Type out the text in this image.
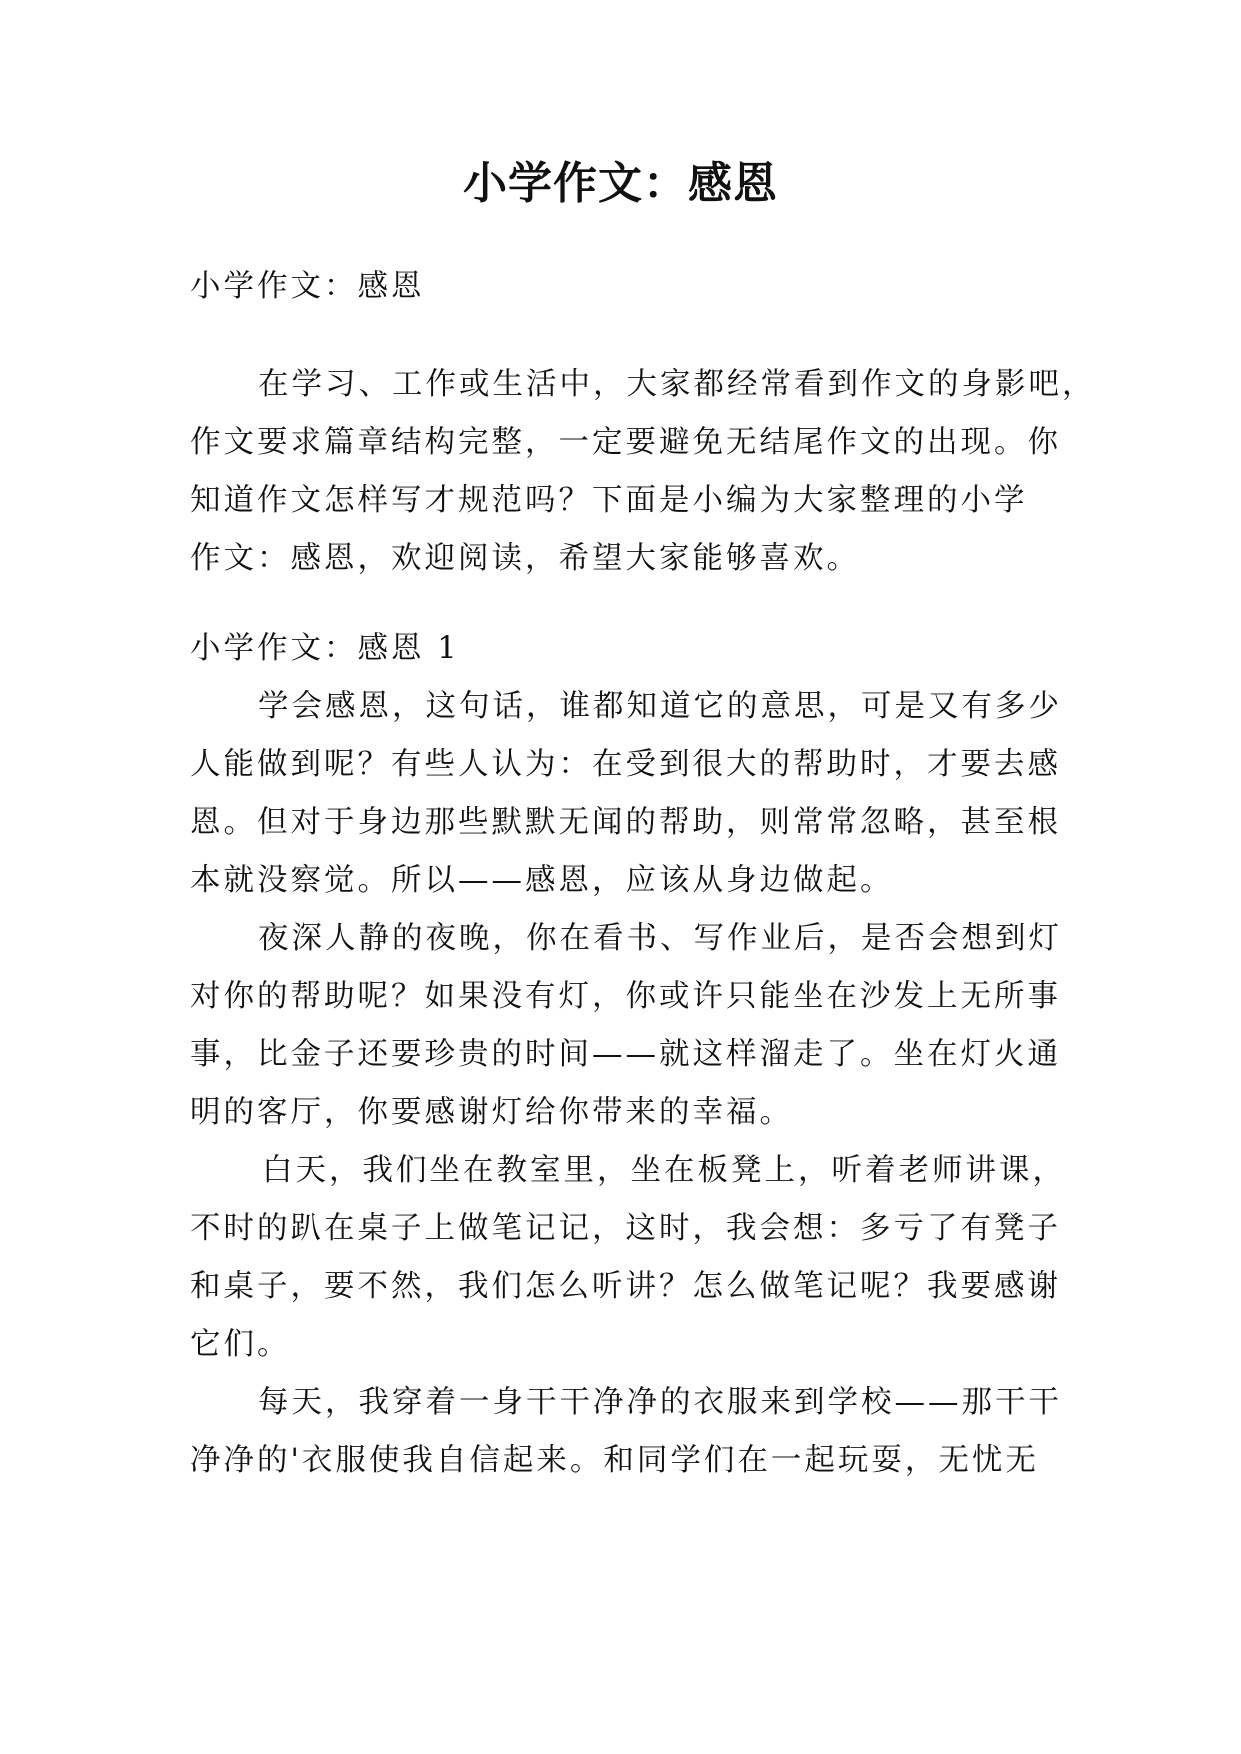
小学作文：感恩
小学作文：感恩
在学习、工作或生活中，大家都经常看到作文的身影吧，
作文要求篇章结构完整，一定要避免无结尾作文的出现。你
知道作文怎样写才规范吗？下面是小编为大家整理的小学
作文：感恩，欢迎阅读，希望大家能够喜欢。
小学作文：感恩 1
学会感恩，这句话，谁都知道它的意思，可是又有多少
人能做到呢？有些人认为：在受到很大的帮助时，才要去感
恩。但对于身边那些默默无闻的帮助，则常常忽略，甚至根
本就没察觉。所以——感恩，应该从身边做起。
夜深人静的夜晚，你在看书、写作业后，是否会想到灯
对你的帮助呢？如果没有灯，你或许只能坐在沙发上无所事
事，比金子还要珍贵的时间——就这样溜走了。坐在灯火通
明的客厅，你要感谢灯给你带来的幸福。
白天，我们坐在教室里，坐在板凳上，听着老师讲课，
不时的趴在桌子上做笔记记，这时，我会想：多亏了有凳子
和桌子，要不然，我们怎么听讲？怎么做笔记呢？我要感谢
它们。
每天，我穿着一身干干净净的衣服来到学校——那干干
净净的'衣服使我自信起来。和同学们在一起玩耍，无忧无
